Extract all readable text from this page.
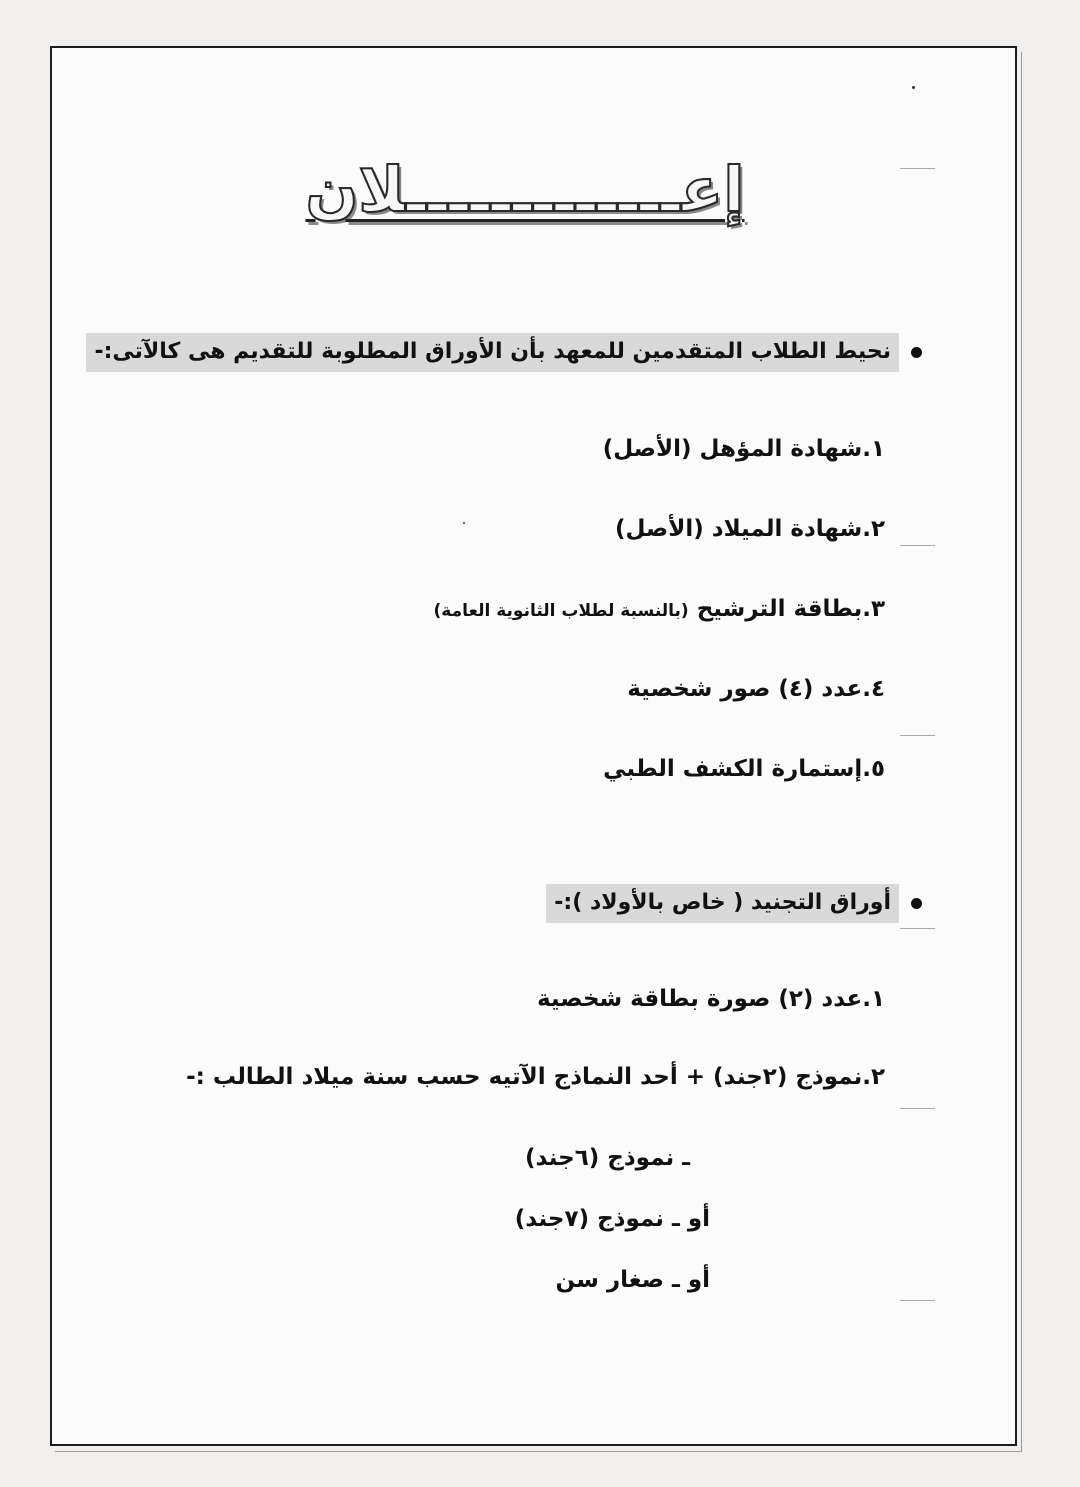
إعـــــــــــــلان
نحيط الطلاب المتقدمين للمعهد بأن الأوراق المطلوبة للتقديم هى كالآتى:-
١.شهادة المؤهل (الأصل)
٢.شهادة الميلاد (الأصل)
٣.بطاقة الترشيح (بالنسبة لطلاب الثانوية العامة)
٤.عدد (٤) صور شخصية
٥.إستمارة الكشف الطبي
أوراق التجنيد ( خاص بالأولاد ):-
١.عدد (٢) صورة بطاقة شخصية
٢.نموذج (٢جند) + أحد النماذج الآتيه حسب سنة ميلاد الطالب :-
ـ نموذج (٦جند)
أو ـ نموذج (٧جند)
أو ـ صغار سن
